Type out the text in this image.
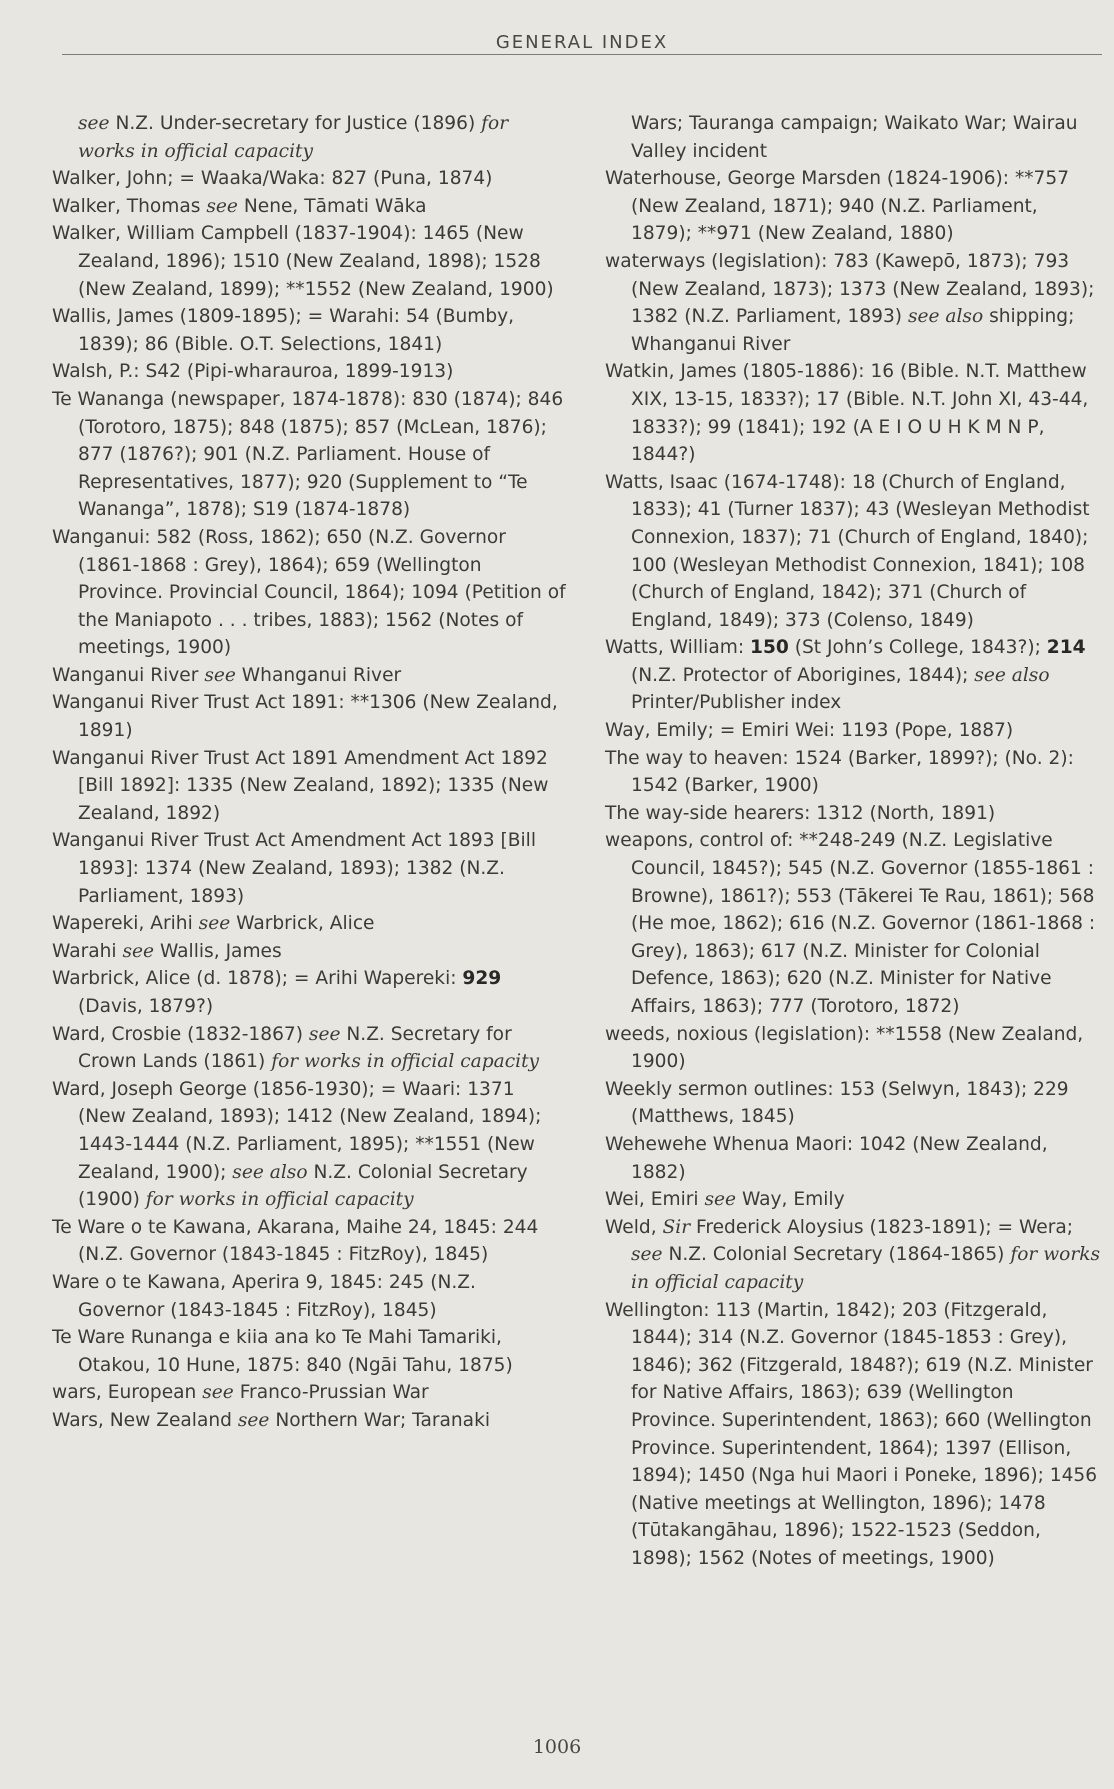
GENERAL INDEX

see N.Z. Under-secretary for Justice (1896) for works in official capacity

Walker, John; = Waaka/Waka: 827 (Puna, 1874)

Walker, Thomas see Nene, Tāmati Wāka

Walker, William Campbell (1837-1904): 1465 (New Zealand, 1896); 1510 (New Zealand, 1898); 1528 (New Zealand, 1899); **1552 (New Zealand, 1900)

Wallis, James (1809-1895); = Warahi: 54 (Bumby, 1839); 86 (Bible. O.T. Selections, 1841)

Walsh, P.: S42 (Pipi-wharauroa, 1899-1913)

Te Wananga (newspaper, 1874-1878): 830 (1874); 846 (Torotoro, 1875); 848 (1875); 857 (McLean, 1876); 877 (1876?); 901 (N.Z. Parliament. House of Representatives, 1877); 920 (Supplement to “Te Wananga”, 1878); S19 (1874-1878)

Wanganui: 582 (Ross, 1862); 650 (N.Z. Governor (1861-1868 : Grey), 1864); 659 (Wellington Province. Provincial Council, 1864); 1094 (Petition of the Maniapoto . . . tribes, 1883); 1562 (Notes of meetings, 1900)

Wanganui River see Whanganui River

Wanganui River Trust Act 1891: **1306 (New Zealand, 1891)

Wanganui River Trust Act 1891 Amendment Act 1892 [Bill 1892]: 1335 (New Zealand, 1892); 1335 (New Zealand, 1892)

Wanganui River Trust Act Amendment Act 1893 [Bill 1893]: 1374 (New Zealand, 1893); 1382 (N.Z. Parliament, 1893)

Wapereki, Arihi see Warbrick, Alice

Warahi see Wallis, James

Warbrick, Alice (d. 1878); = Arihi Wapereki: 929 (Davis, 1879?)

Ward, Crosbie (1832-1867) see N.Z. Secretary for Crown Lands (1861) for works in official capacity

Ward, Joseph George (1856-1930); = Waari: 1371 (New Zealand, 1893); 1412 (New Zealand, 1894); 1443-1444 (N.Z. Parliament, 1895); **1551 (New Zealand, 1900); see also N.Z. Colonial Secretary (1900) for works in official capacity

Te Ware o te Kawana, Akarana, Maihe 24, 1845: 244 (N.Z. Governor (1843-1845 : FitzRoy), 1845)

Ware o te Kawana, Aperira 9, 1845: 245 (N.Z. Governor (1843-1845 : FitzRoy), 1845)

Te Ware Runanga e kiia ana ko Te Mahi Tamariki, Otakou, 10 Hune, 1875: 840 (Ngāi Tahu, 1875)

wars, European see Franco-Prussian War

Wars, New Zealand see Northern War; Taranaki

Wars; Tauranga campaign; Waikato War; Wairau Valley incident

Waterhouse, George Marsden (1824-1906): **757 (New Zealand, 1871); 940 (N.Z. Parliament, 1879); **971 (New Zealand, 1880)

waterways (legislation): 783 (Kawepō, 1873); 793 (New Zealand, 1873); 1373 (New Zealand, 1893); 1382 (N.Z. Parliament, 1893) see also shipping; Whanganui River

Watkin, James (1805-1886): 16 (Bible. N.T. Matthew XIX, 13-15, 1833?); 17 (Bible. N.T. John XI, 43-44, 1833?); 99 (1841); 192 (A E I O U H K M N P, 1844?)

Watts, Isaac (1674-1748): 18 (Church of England, 1833); 41 (Turner 1837); 43 (Wesleyan Methodist Connexion, 1837); 71 (Church of England, 1840); 100 (Wesleyan Methodist Connexion, 1841); 108 (Church of England, 1842); 371 (Church of England, 1849); 373 (Colenso, 1849)

Watts, William: 150 (St John’s College, 1843?); 214 (N.Z. Protector of Aborigines, 1844); see also Printer/Publisher index

Way, Emily; = Emiri Wei: 1193 (Pope, 1887)

The way to heaven: 1524 (Barker, 1899?); (No. 2): 1542 (Barker, 1900)

The way-side hearers: 1312 (North, 1891)

weapons, control of: **248-249 (N.Z. Legislative Council, 1845?); 545 (N.Z. Governor (1855-1861 : Browne), 1861?); 553 (Tākerei Te Rau, 1861); 568 (He moe, 1862); 616 (N.Z. Governor (1861-1868 : Grey), 1863); 617 (N.Z. Minister for Colonial Defence, 1863); 620 (N.Z. Minister for Native Affairs, 1863); 777 (Torotoro, 1872)

weeds, noxious (legislation): **1558 (New Zealand, 1900)

Weekly sermon outlines: 153 (Selwyn, 1843); 229 (Matthews, 1845)

Wehewehe Whenua Maori: 1042 (New Zealand, 1882)

Wei, Emiri see Way, Emily

Weld, Sir Frederick Aloysius (1823-1891); = Wera; see N.Z. Colonial Secretary (1864-1865) for works in official capacity

Wellington: 113 (Martin, 1842); 203 (Fitzgerald, 1844); 314 (N.Z. Governor (1845-1853 : Grey), 1846); 362 (Fitzgerald, 1848?); 619 (N.Z. Minister for Native Affairs, 1863); 639 (Wellington Province. Superintendent, 1863); 660 (Wellington Province. Superintendent, 1864); 1397 (Ellison, 1894); 1450 (Nga hui Maori i Poneke, 1896); 1456 (Native meetings at Wellington, 1896); 1478 (Tūtakangāhau, 1896); 1522-1523 (Seddon, 1898); 1562 (Notes of meetings, 1900)

1006
